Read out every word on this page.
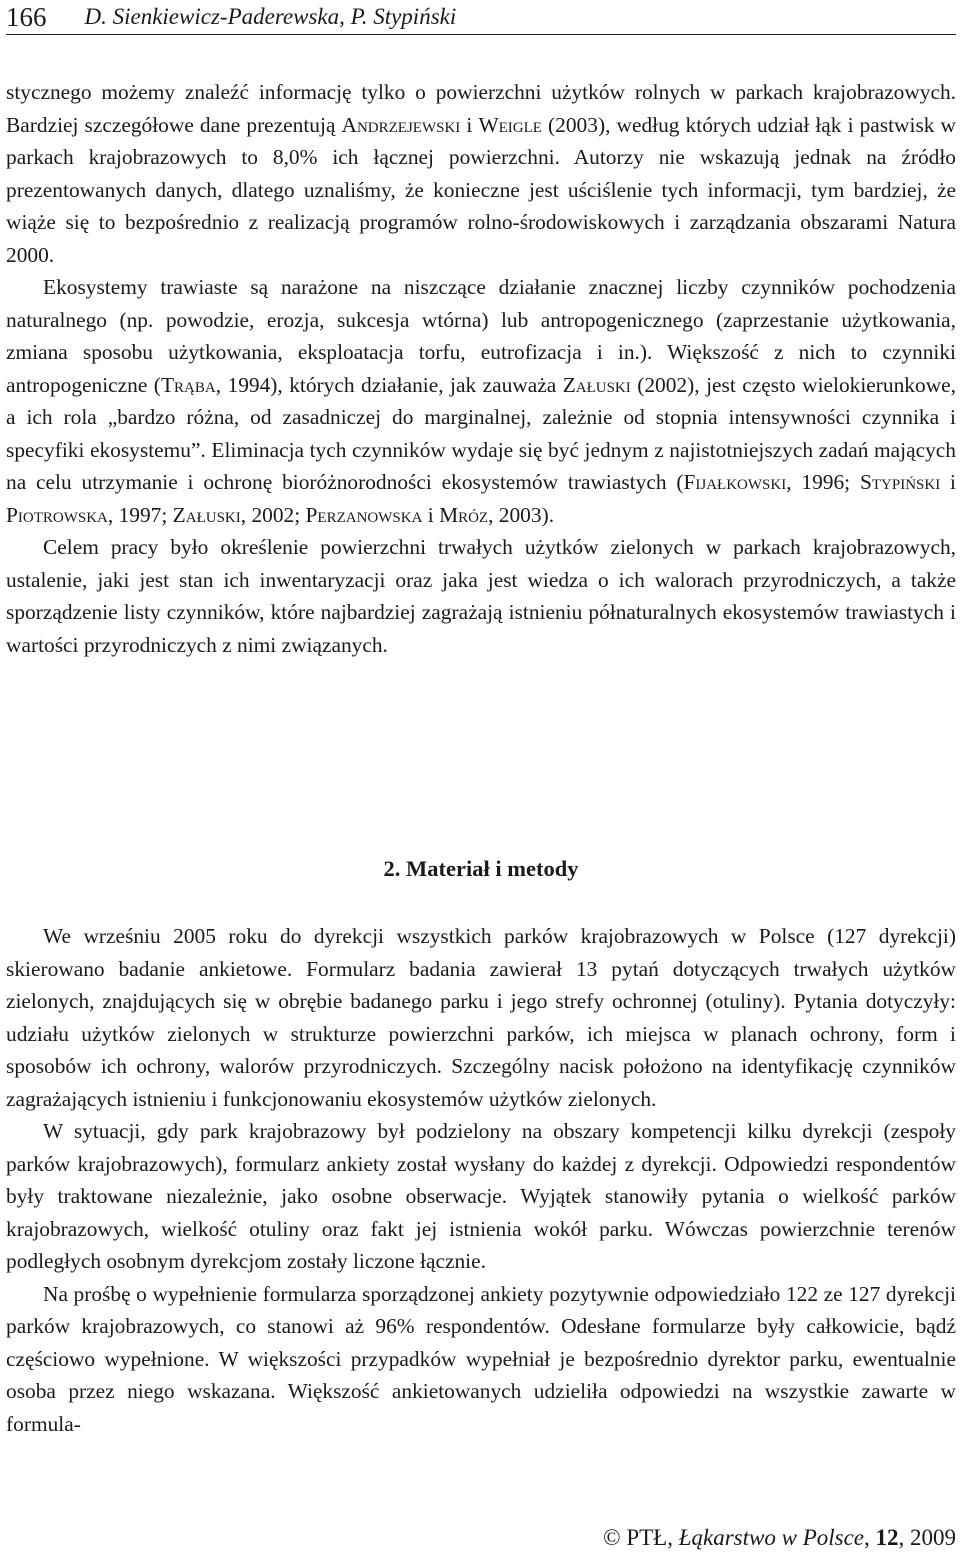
166 D. Sienkiewicz-Paderewska, P. Stypiński

stycznego możemy znaleźć informację tylko o powierzchni użytków rolnych w parkach krajobrazowych. Bardziej szczegółowe dane prezentują Andrzejewski i Weigle (2003), według których udział łąk i pastwisk w parkach krajobrazowych to 8,0% ich łącznej powierzchni. Autorzy nie wskazują jednak na źródło prezentowanych danych, dlatego uznaliśmy, że konieczne jest uściślenie tych informacji, tym bardziej, że wiąże się to bezpośrednio z realizacją programów rolno-środowiskowych i zarządzania obszarami Natura 2000.

Ekosystemy trawiaste są narażone na niszczące działanie znacznej liczby czynników pochodzenia naturalnego (np. powodzie, erozja, sukcesja wtórna) lub antropogenicznego (zaprzestanie użytkowania, zmiana sposobu użytkowania, eksploatacja torfu, eutrofizacja i in.). Większość z nich to czynniki antropogeniczne (Trąba, 1994), których działanie, jak zauważa Załuski (2002), jest często wielokierunkowe, a ich rola „bardzo różna, od zasadniczej do marginalnej, zależnie od stopnia intensywności czynnika i specyfiki ekosystemu”. Eliminacja tych czynników wydaje się być jednym z najistotniejszych zadań mających na celu utrzymanie i ochronę bioróżnorodności ekosystemów trawiastych (Fijałkowski, 1996; Stypiński i Piotrowska, 1997; Załuski, 2002; Perzanowska i Mróz, 2003).

Celem pracy było określenie powierzchni trwałych użytków zielonych w parkach krajobrazowych, ustalenie, jaki jest stan ich inwentaryzacji oraz jaka jest wiedza o ich walorach przyrodniczych, a także sporządzenie listy czynników, które najbardziej zagrażają istnieniu półnaturalnych ekosystemów trawiastych i wartości przyrodniczych z nimi związanych.

2. Materiał i metody

We wrześniu 2005 roku do dyrekcji wszystkich parków krajobrazowych w Polsce (127 dyrekcji) skierowano badanie ankietowe. Formularz badania zawierał 13 pytań dotyczących trwałych użytków zielonych, znajdujących się w obrębie badanego parku i jego strefy ochronnej (otuliny). Pytania dotyczyły: udziału użytków zielonych w strukturze powierzchni parków, ich miejsca w planach ochrony, form i sposobów ich ochrony, walorów przyrodniczych. Szczególny nacisk położono na identyfikację czynników zagrażających istnieniu i funkcjonowaniu ekosystemów użytków zielonych.

W sytuacji, gdy park krajobrazowy był podzielony na obszary kompetencji kilku dyrekcji (zespoły parków krajobrazowych), formularz ankiety został wysłany do każdej z dyrekcji. Odpowiedzi respondentów były traktowane niezależnie, jako osobne obserwacje. Wyjątek stanowiły pytania o wielkość parków krajobrazowych, wielkość otuliny oraz fakt jej istnienia wokół parku. Wówczas powierzchnie terenów podległych osobnym dyrekcjom zostały liczone łącznie.

Na prośbę o wypełnienie formularza sporządzonej ankiety pozytywnie odpowiedziało 122 ze 127 dyrekcji parków krajobrazowych, co stanowi aż 96% respondentów. Odesłane formularze były całkowicie, bądź częściowo wypełnione. W większości przypadków wypełniał je bezpośrednio dyrektor parku, ewentualnie osoba przez niego wskazana. Większość ankietowanych udzieliła odpowiedzi na wszystkie zawarte w formula-

© PTŁ, Łąkarstwo w Polsce, 12, 2009
